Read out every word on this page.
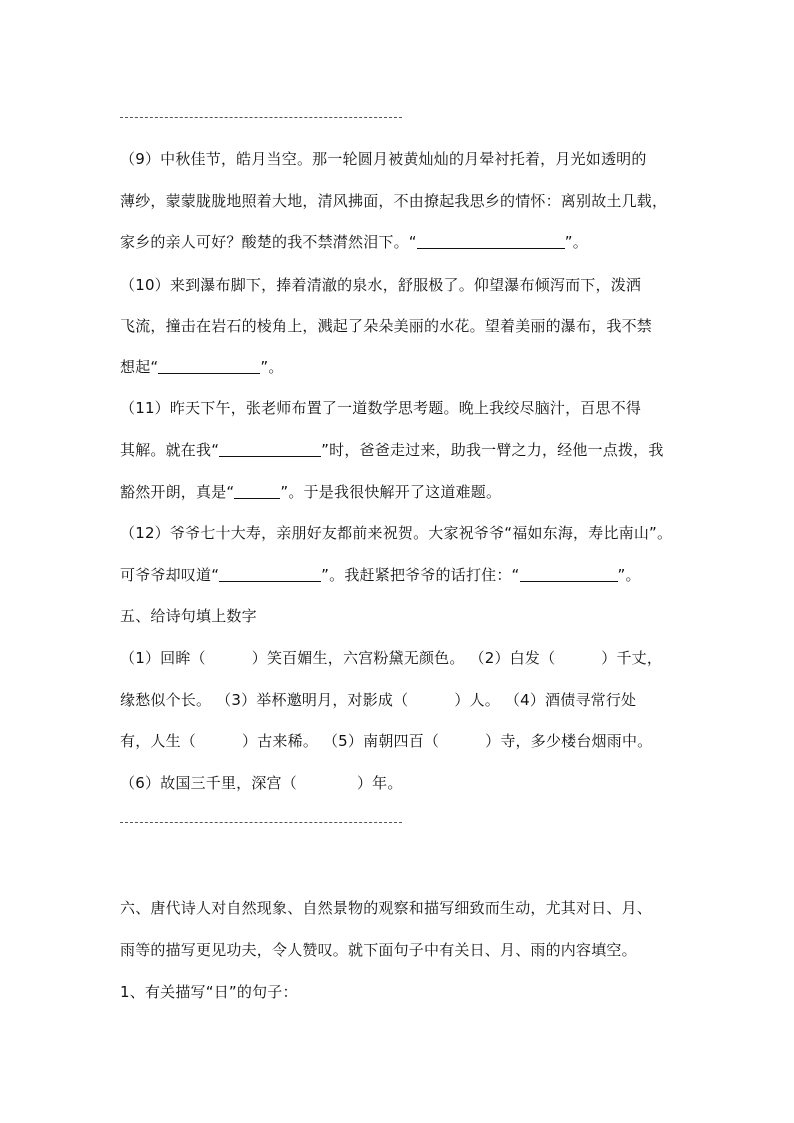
（9）中秋佳节，皓月当空。那一轮圆月被黄灿灿的月晕衬托着，月光如透明的
薄纱，蒙蒙胧胧地照着大地，清风拂面，不由撩起我思乡的情怀：离别故土几载，
家乡的亲人可好？酸楚的我不禁潸然泪下。“	”。
（10）来到瀑布脚下，捧着清澈的泉水，舒服极了。仰望瀑布倾泻而下，泼洒
飞流，撞击在岩石的棱角上，溅起了朵朵美丽的水花。望着美丽的瀑布，我不禁
想起“	”。
（11）昨天下午，张老师布置了一道数学思考题。晚上我绞尽脑汁，百思不得
其解。就在我“	”时，爸爸走过来，助我一臂之力，经他一点拨，我
豁然开朗，真是“	”。于是我很快解开了这道难题。
（12）爷爷七十大寿，亲朋好友都前来祝贺。大家祝爷爷“福如东海，寿比南山”。
可爷爷却叹道“	”。我赶紧把爷爷的话打住：“	”。
五、给诗句填上数字
（1）回眸（	）笑百媚生，六宫粉黛无颜色。 （2）白发（	）千丈，
缘愁似个长。 （3）举杯邀明月，对影成（	）人。 （4）酒债寻常行处
有，人生（	）古来稀。 （5）南朝四百（	）寺，多少楼台烟雨中。
（6）故国三千里，深宫（	）年。
六、唐代诗人对自然现象、自然景物的观察和描写细致而生动，尤其对日、月、
雨等的描写更见功夫，令人赞叹。就下面句子中有关日、月、雨的内容填空。
1、有关描写“日”的句子：
